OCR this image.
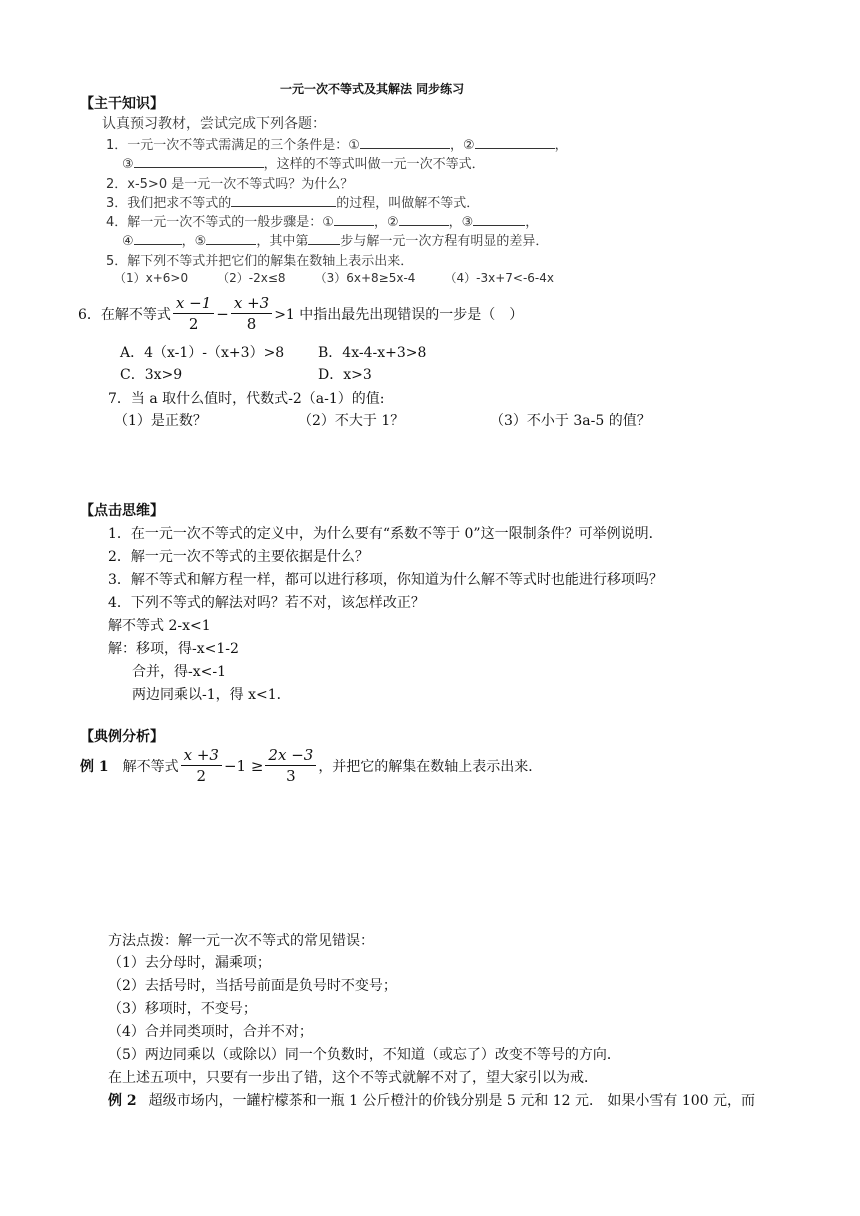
一元一次不等式及其解法 同步练习
【主干知识】
认真预习教材，尝试完成下列各题：
1．一元一次不等式需满足的三个条件是：①	，②	，
③	，这样的不等式叫做一元一次不等式．
2．x-5>0 是一元一次不等式吗？为什么？
3．我们把求不等式的	的过程，叫做解不等式．
4．解一元一次不等式的一般步骤是：①	，②	，③	，
④	，⑤	，其中第 步与解一元一次方程有明显的差异．
5．解下列不等式并把它们的解集在数轴上表示出来．
（1）x+6>0 （2）-2x≤8 （3）6x+8≥5x-4 （4）-3x+7<-6-4x
6．在解不等式 $\frac{x -1}{2} - \frac{x +3}{8} >1$ 中指出最先出现错误的一步是（　）
A．4（x-1）-（x+3）>8 B．4x-4-x+3>8
C．3x>9	D．x>3
7．当 a 取什么值时，代数式-2（a-1）的值:
（1）是正数？	（2）不大于 1？	（3）不小于 3a-5 的值？
【点击思维】
1．在一元一次不等式的定义中，为什么要有“系数不等于 0”这一限制条件？可举例说明．
2．解一元一次不等式的主要依据是什么？
3．解不等式和解方程一样，都可以进行移项，你知道为什么解不等式时也能进行移项吗？
4．下列不等式的解法对吗？若不对，该怎样改正？
解不等式 2-x<1
解：移项，得-x<1-2
合并，得-x<-1
两边同乘以-1，得 x<1．
【典例分析】
例 1 解不等式 $\frac{x +3}{2} -1 \ge \frac{2x -3}{3}$ ，并把它的解集在数轴上表示出来．
方法点拨：解一元一次不等式的常见错误：
（1）去分母时，漏乘项；
（2）去括号时，当括号前面是负号时不变号；
（3）移项时，不变号；
（4）合并同类项时，合并不对；
（5）两边同乘以（或除以）同一个负数时，不知道（或忘了）改变不等号的方向．
在上述五项中，只要有一步出了错，这个不等式就解不对了，望大家引以为戒．
例 2 超级市场内，一罐柠檬茶和一瓶 1 公斤橙汁的价钱分别是 5 元和 12 元． 如果小雪有 100 元，而
